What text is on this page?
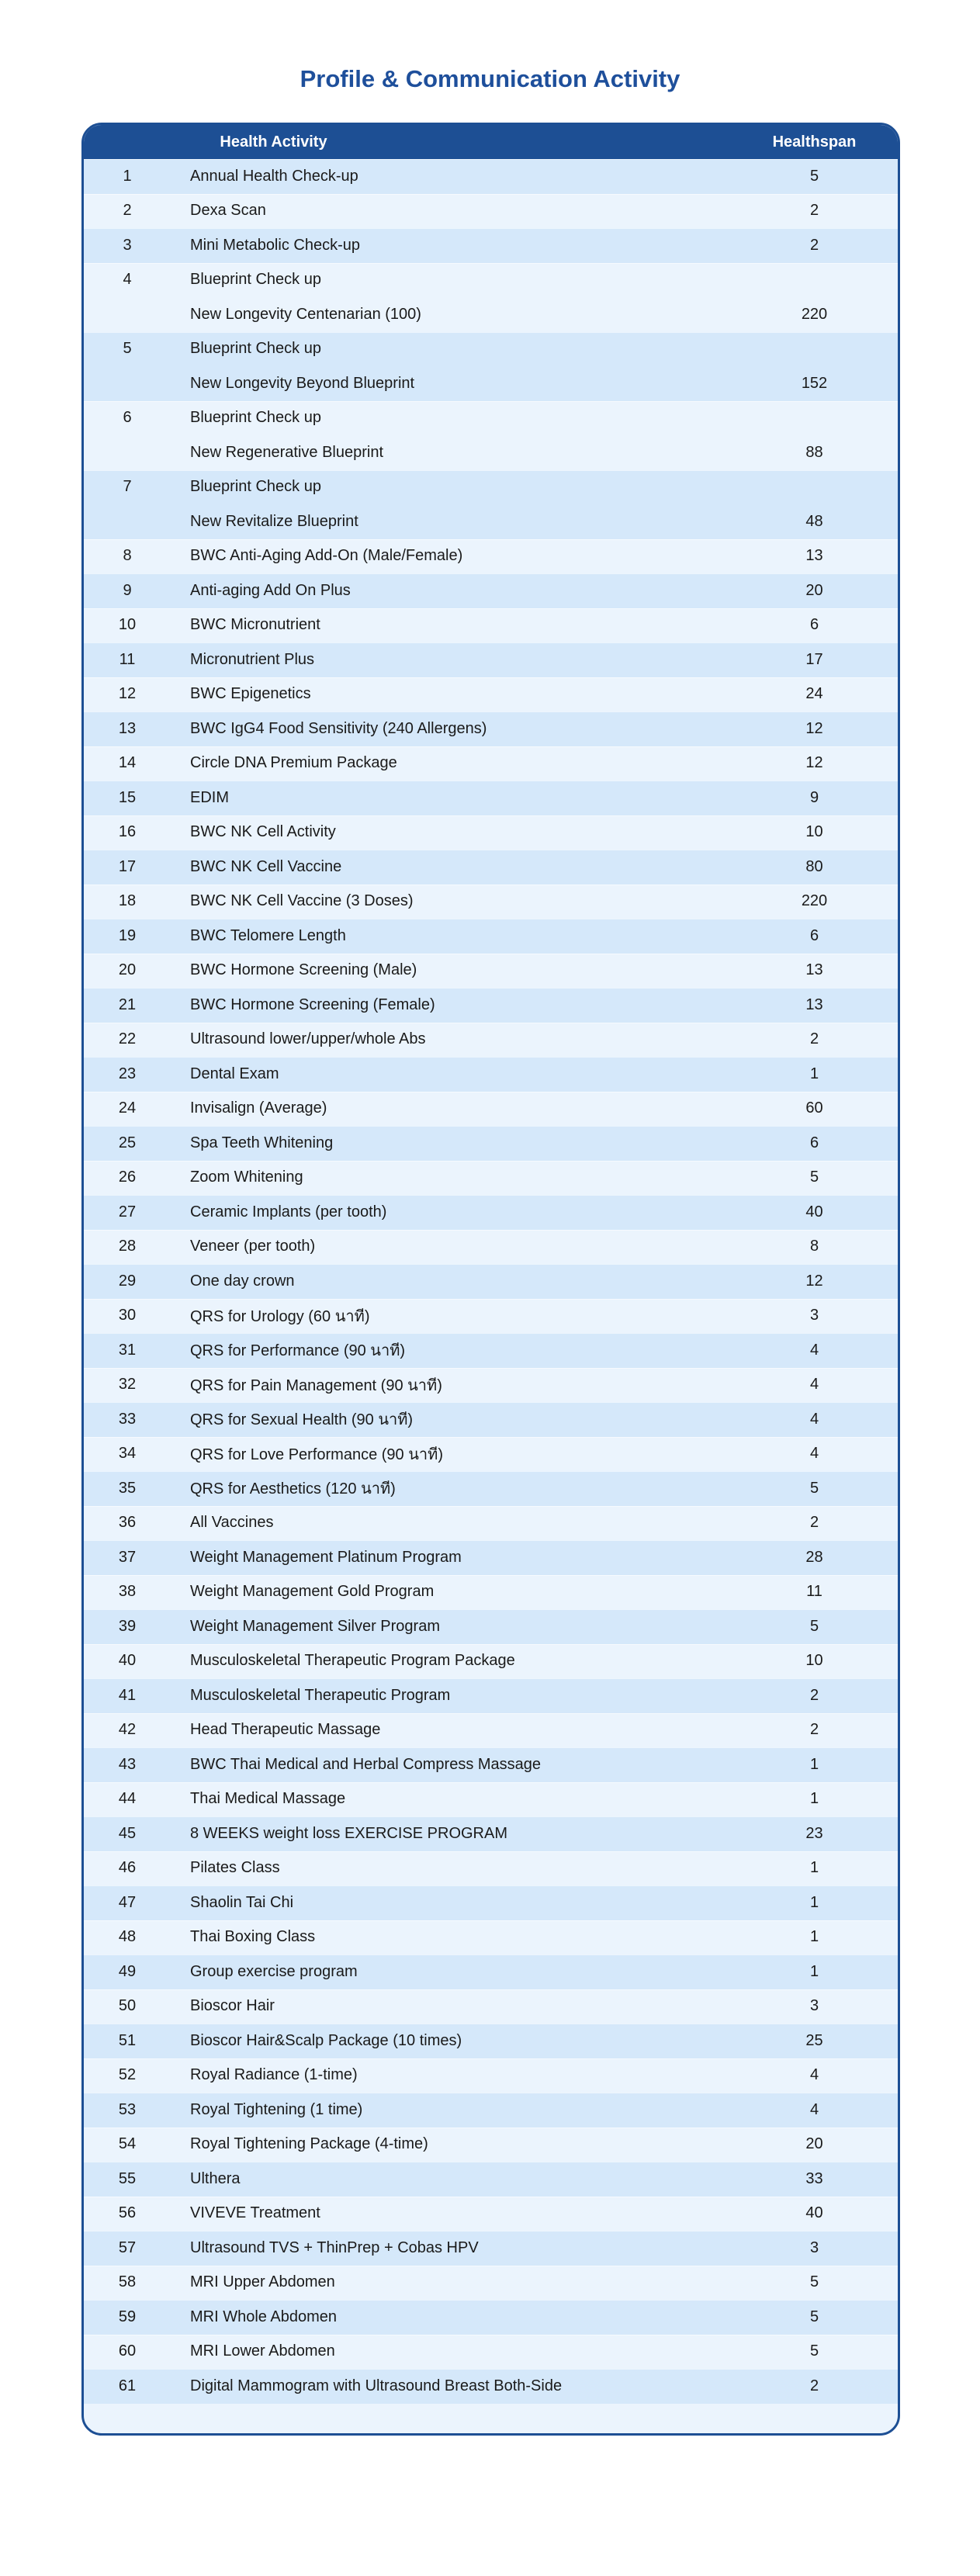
Profile & Communication Activity
Health Activity	Healthspan
1	Annual Health Check-up	5
2	Dexa Scan	2
3	Mini Metabolic Check-up	2
4	Blueprint Check up
New Longevity Centenarian (100)	220
5	Blueprint Check up
New Longevity Beyond Blueprint	152
6	Blueprint Check up
New Regenerative Blueprint	88
7	Blueprint Check up
New Revitalize Blueprint	48
8	BWC Anti-Aging Add-On (Male/Female)	13
9	Anti-aging Add On Plus	20
10	BWC Micronutrient	6
11	Micronutrient Plus	17
12	BWC Epigenetics	24
13	BWC IgG4 Food Sensitivity (240 Allergens)	12
14	Circle DNA Premium Package	12
15	EDIM	9
16	BWC NK Cell Activity	10
17	BWC NK Cell Vaccine	80
18	BWC NK Cell Vaccine (3 Doses)	220
19	BWC Telomere Length	6
20	BWC Hormone Screening (Male)	13
21	BWC Hormone Screening (Female)	13
22	Ultrasound lower/upper/whole Abs	2
23	Dental Exam	1
24	Invisalign (Average)	60
25	Spa Teeth Whitening	6
26	Zoom Whitening	5
27	Ceramic Implants (per tooth)	40
28	Veneer (per tooth)	8
29	One day crown	12
30	QRS for Urology (60 นาที)	3
31	QRS for Performance (90 นาที)	4
32	QRS for Pain Management (90 นาที)	4
33	QRS for Sexual Health (90 นาที)	4
34	QRS for Love Performance (90 นาที)	4
35	QRS for Aesthetics (120 นาที)	5
36	All Vaccines	2
37	Weight Management Platinum Program	28
38	Weight Management Gold Program	11
39	Weight Management Silver Program	5
40	Musculoskeletal Therapeutic Program Package	10
41	Musculoskeletal Therapeutic Program	2
42	Head Therapeutic Massage	2
43	BWC Thai Medical and Herbal Compress Massage	1
44	Thai Medical Massage	1
45	8 WEEKS weight loss EXERCISE PROGRAM	23
46	Pilates Class	1
47	Shaolin Tai Chi	1
48	Thai Boxing Class	1
49	Group exercise program	1
50	Bioscor Hair	3
51	Bioscor Hair&Scalp Package (10 times)	25
52	Royal Radiance (1-time)	4
53	Royal Tightening (1 time)	4
54	Royal Tightening Package (4-time)	20
55	Ulthera	33
56	VIVEVE Treatment	40
57	Ultrasound TVS + ThinPrep + Cobas HPV	3
58	MRI Upper Abdomen	5
59	MRI Whole Abdomen	5
60	MRI Lower Abdomen	5
61	Digital Mammogram with Ultrasound Breast Both-Side	2
